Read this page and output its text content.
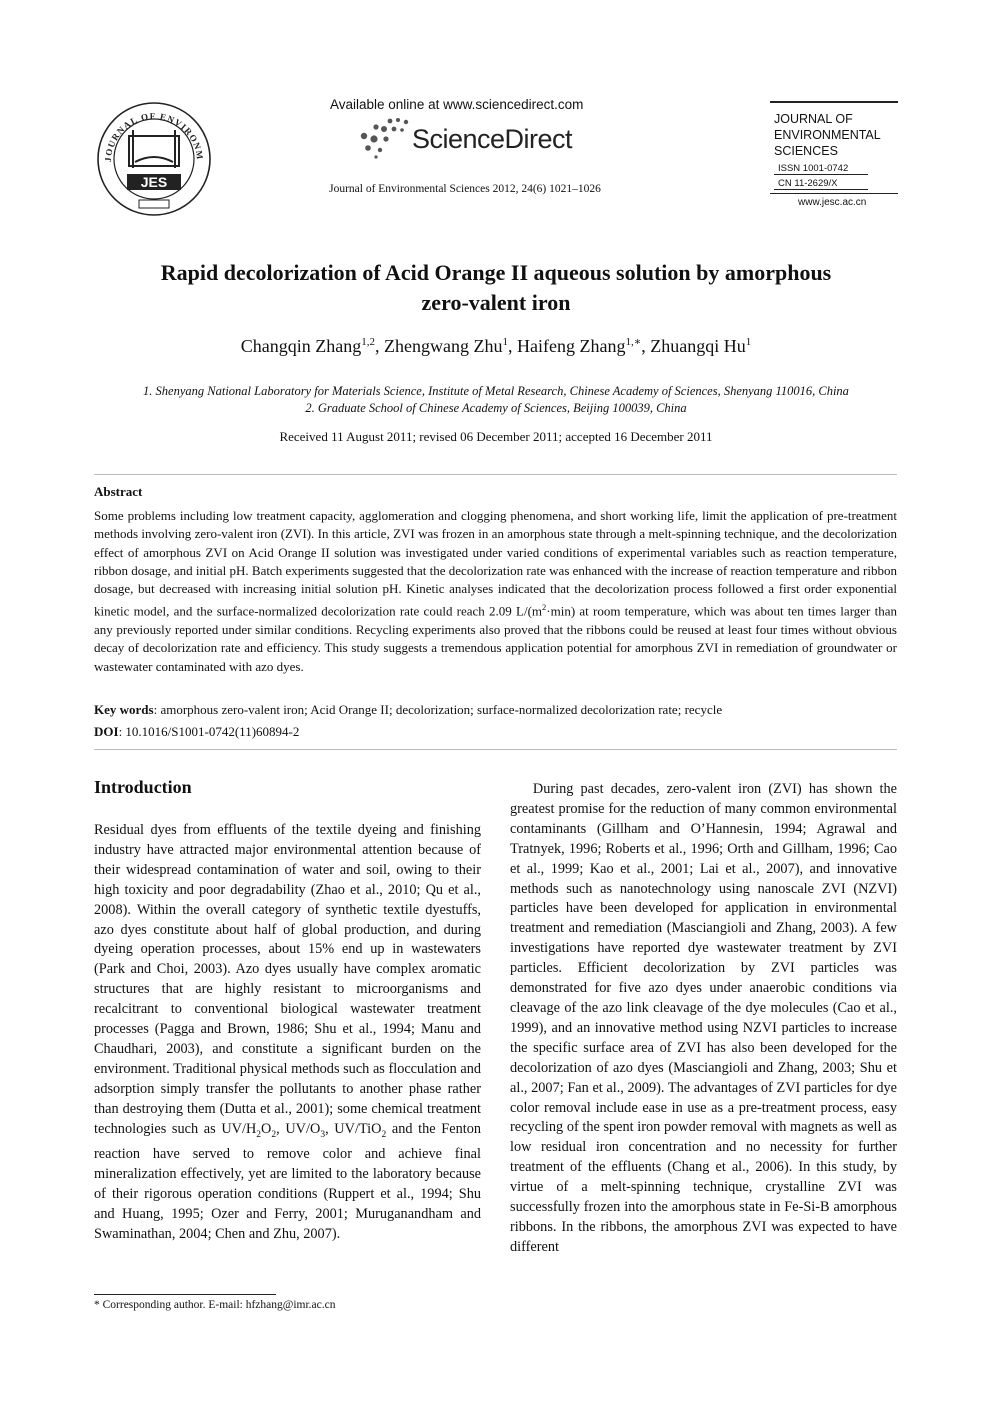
JOURNAL OF ENVIRONM
JES
Available online at www.sciencedirect.com
ScienceDirect
Journal of Environmental Sciences 2012, 24(6) 1021–1026
JOURNAL OF
ENVIRONMENTAL
SCIENCES
ISSN 1001-0742
CN 11-2629/X
www.jesc.ac.cn
Rapid decolorization of Acid Orange II aqueous solution by amorphous
zero-valent iron
Changqin Zhang$^{1,2}$, Zhengwang Zhu$^1$, Haifeng Zhang$^{1,∗}$, Zhuangqi Hu$^1$
1. Shenyang National Laboratory for Materials Science, Institute of Metal Research, Chinese Academy of Sciences, Shenyang 110016, China
2. Graduate School of Chinese Academy of Sciences, Beijing 100039, China
Received 11 August 2011; revised 06 December 2011; accepted 16 December 2011
Abstract
Some problems including low treatment capacity, agglomeration and clogging phenomena, and short working life, limit the application of pre-treatment methods involving zero-valent iron (ZVI). In this article, ZVI was frozen in an amorphous state through a melt-spinning technique, and the decolorization effect of amorphous ZVI on Acid Orange II solution was investigated under varied conditions of experimental variables such as reaction temperature, ribbon dosage, and initial pH. Batch experiments suggested that the decolorization rate was enhanced with the increase of reaction temperature and ribbon dosage, but decreased with increasing initial solution pH. Kinetic analyses indicated that the decolorization process followed a first order exponential kinetic model, and the surface-normalized decolorization rate could reach 2.09 $L/(m^2\cdot\min)$ at room temperature, which was about ten times larger than any previously reported under similar conditions. Recycling experiments also proved that the ribbons could be reused at least four times without obvious decay of decolorization rate and efficiency. This study suggests a tremendous application potential for amorphous ZVI in remediation of groundwater or wastewater contaminated with azo dyes.
Key words: amorphous zero-valent iron; Acid Orange II; decolorization; surface-normalized decolorization rate; recycle
DOI: 10.1016/S1001-0742(11)60894-2
Introduction
Residual dyes from effluents of the textile dyeing and finishing industry have attracted major environmental attention because of their widespread contamination of water and soil, owing to their high toxicity and poor degradability (Zhao et al., 2010; Qu et al., 2008). Within the overall category of synthetic textile dyestuffs, azo dyes constitute about half of global production, and during dyeing operation processes, about 15% end up in wastewaters (Park and Choi, 2003). Azo dyes usually have complex aromatic structures that are highly resistant to microorganisms and recalcitrant to conventional biological wastewater treatment processes (Pagga and Brown, 1986; Shu et al., 1994; Manu and Chaudhari, 2003), and constitute a significant burden on the environment. Traditional physical methods such as flocculation and adsorption simply transfer the pollutants to another phase rather than destroying them (Dutta et al., 2001); some chemical treatment technologies such as $UV/H_2O_2$, $UV/O_3$, UV/TiO$_2$ and the Fenton reaction have served to remove color and achieve final mineralization effectively, yet are limited to the laboratory because of their rigorous operation conditions (Ruppert et al., 1994; Shu and Huang, 1995; Ozer and Ferry, 2001; Muruganandham and Swaminathan, 2004; Chen and Zhu, 2007).
During past decades, zero-valent iron (ZVI) has shown the greatest promise for the reduction of many common environmental contaminants (Gillham and O’Hannesin, 1994; Agrawal and Tratnyek, 1996; Roberts et al., 1996; Orth and Gillham, 1996; Cao et al., 1999; Kao et al., 2001; Lai et al., 2007), and innovative methods such as nanotechnology using nanoscale ZVI (NZVI) particles have been developed for application in environmental treatment and remediation (Masciangioli and Zhang, 2003). A few investigations have reported dye wastewater treatment by ZVI particles. Efficient decolorization by ZVI particles was demonstrated for five azo dyes under anaerobic conditions via cleavage of the azo link cleavage of the dye molecules (Cao et al., 1999), and an innovative method using NZVI particles to increase the specific surface area of ZVI has also been developed for the decolorization of azo dyes (Masciangioli and Zhang, 2003; Shu et al., 2007; Fan et al., 2009). The advantages of ZVI particles for dye color removal include ease in use as a pre-treatment process, easy recycling of the spent iron powder removal with magnets as well as low residual iron concentration and no necessity for further treatment of the effluents (Chang et al., 2006). In this study, by virtue of a melt-spinning technique, crystalline ZVI was successfully frozen into the amorphous state in Fe-Si-B amorphous ribbons. In the ribbons, the amorphous ZVI was expected to have different
* Corresponding author. E-mail: hfzhang@imr.ac.cn
